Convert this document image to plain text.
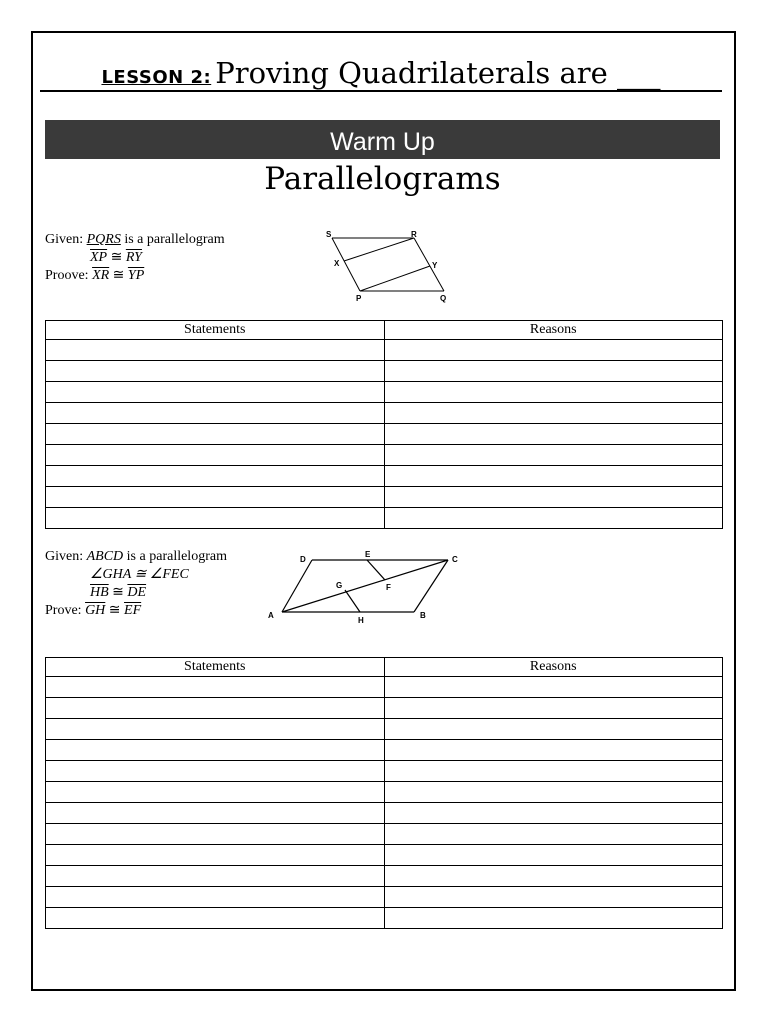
LESSON 2: Proving Quadrilaterals are ___
Warm Up
Parallelograms
Given: PQRS is a parallelogram
$\overline{XP}$ ≅ $\overline{RY}$
Proove: $\overline{XR}$ ≅ $\overline{YP}$
S	R
X	Y
P	Q
Statements	Reasons

Given: ABCD is a parallelogram
∠GHA ≅ ∠FEC
$\overline{HB}$ ≅ $\overline{DE}$
Prove: $\overline{GH}$ ≅ $\overline{EF}$
D
E
C
G	F
A
H
B
Statements	Reasons
